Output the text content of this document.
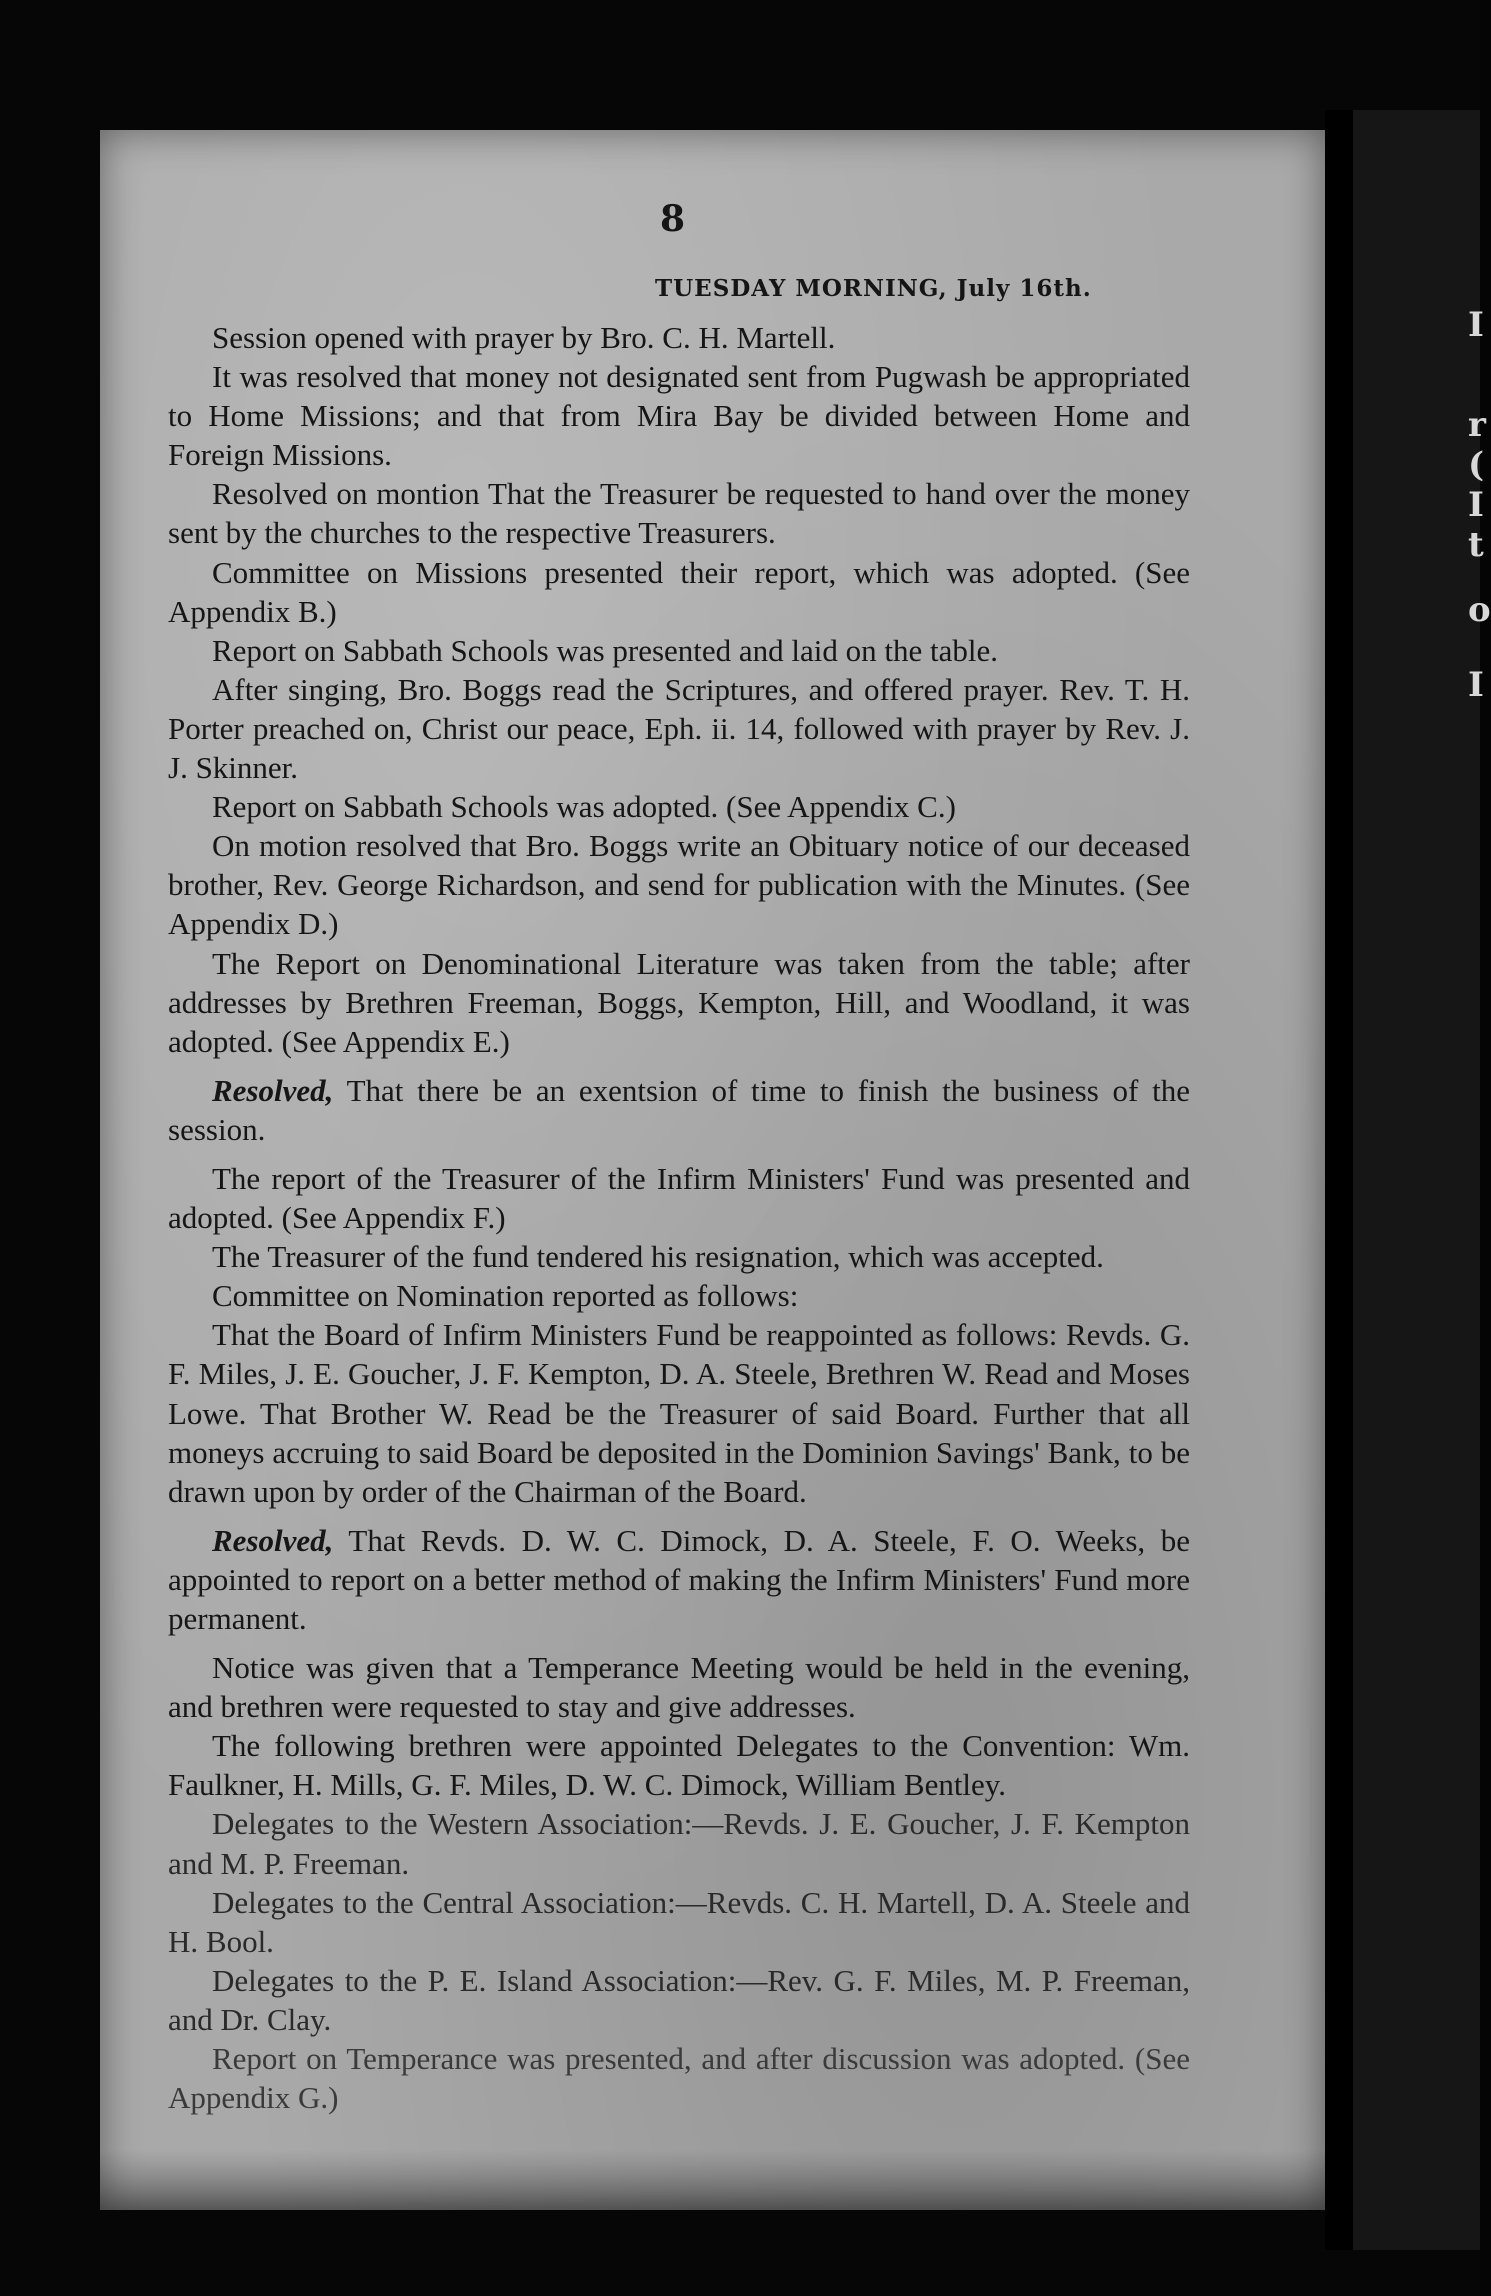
I
r
(
I
t
o
I
8
TUESDAY MORNING, July 16th.

Session opened with prayer by Bro. C. H. Martell.

It was resolved that money not designated sent from Pugwash be appropriated to Home Missions; and that from Mira Bay be divided between Home and Foreign Missions.

Resolved on montion That the Treasurer be requested to hand over the money sent by the churches to the respective Treasurers.

Committee on Missions presented their report, which was adopted. (See Appendix B.)

Report on Sabbath Schools was presented and laid on the table.

After singing, Bro. Boggs read the Scriptures, and offered prayer. Rev. T. H. Porter preached on, Christ our peace, Eph. ii. 14, followed with prayer by Rev. J. J. Skinner.

Report on Sabbath Schools was adopted. (See Appendix C.)

On motion resolved that Bro. Boggs write an Obituary notice of our deceased brother, Rev. George Richardson, and send for publication with the Minutes. (See Appendix D.)

The Report on Denominational Literature was taken from the table; after addresses by Brethren Freeman, Boggs, Kempton, Hill, and Woodland, it was adopted. (See Appendix E.)

Resolved, That there be an exentsion of time to finish the business of the session.

The report of the Treasurer of the Infirm Ministers' Fund was presented and adopted. (See Appendix F.)

The Treasurer of the fund tendered his resignation, which was accepted.

Committee on Nomination reported as follows:

That the Board of Infirm Ministers Fund be reappointed as follows: Revds. G. F. Miles, J. E. Goucher, J. F. Kempton, D. A. Steele, Brethren W. Read and Moses Lowe. That Brother W. Read be the Treasurer of said Board. Further that all moneys accruing to said Board be deposited in the Dominion Savings' Bank, to be drawn upon by order of the Chairman of the Board.

Resolved, That Revds. D. W. C. Dimock, D. A. Steele, F. O. Weeks, be appointed to report on a better method of making the Infirm Ministers' Fund more permanent.

Notice was given that a Temperance Meeting would be held in the evening, and brethren were requested to stay and give addresses.

The following brethren were appointed Delegates to the Convention: Wm. Faulkner, H. Mills, G. F. Miles, D. W. C. Dimock, William Bentley.

Delegates to the Western Association:—Revds. J. E. Goucher, J. F. Kempton and M. P. Freeman.

Delegates to the Central Association:—Revds. C. H. Martell, D. A. Steele and H. Bool.

Delegates to the P. E. Island Association:—Rev. G. F. Miles, M. P. Freeman, and Dr. Clay.

Report on Temperance was presented, and after discussion was adopted. (See Appendix G.)
